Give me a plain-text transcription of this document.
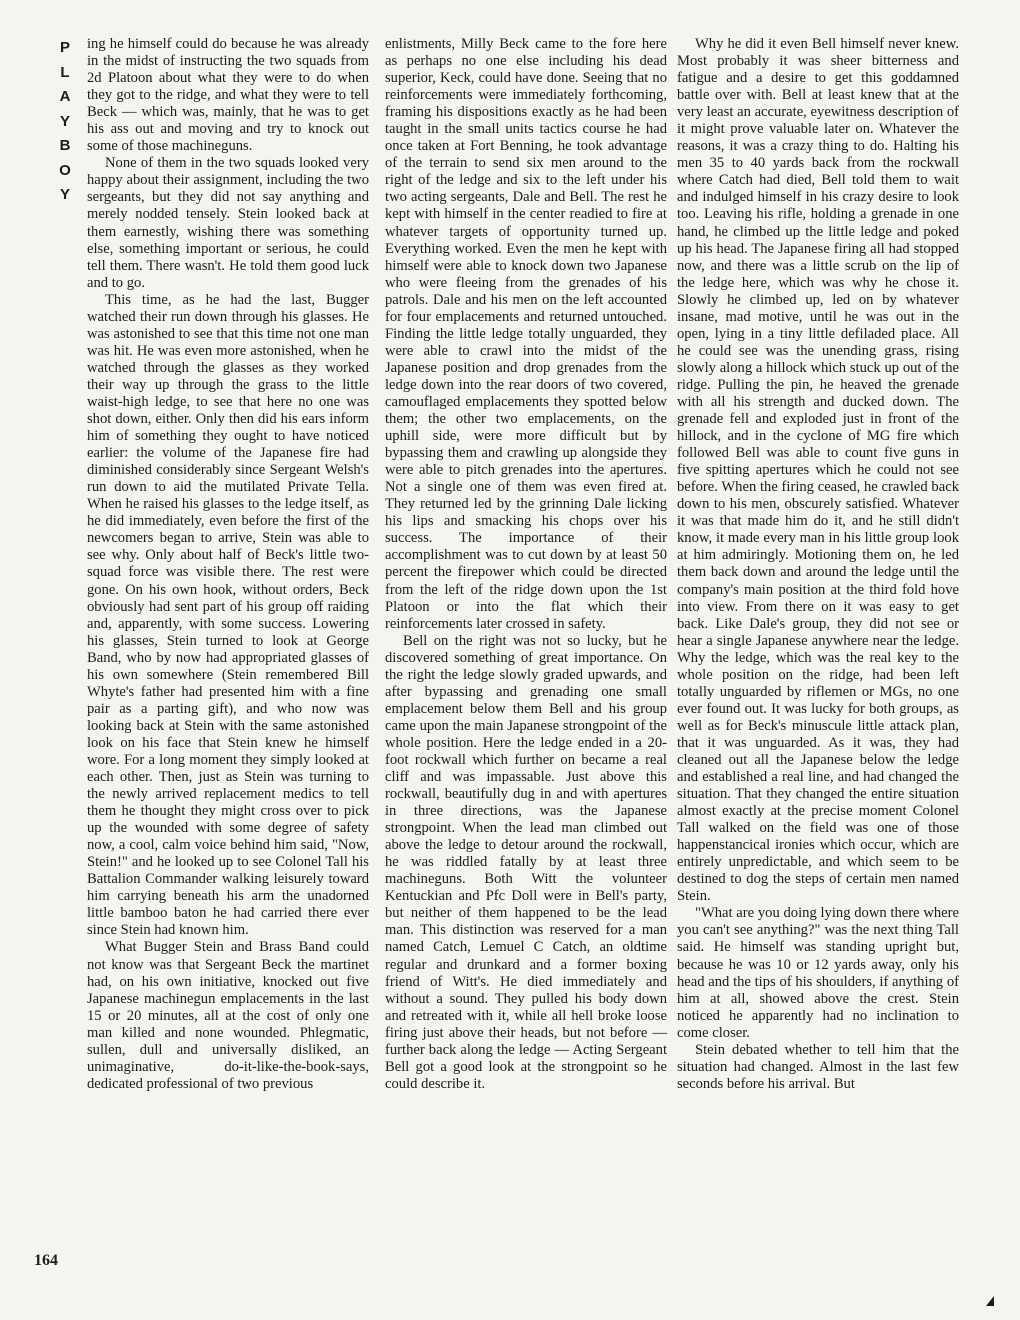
P
L
A
Y
B
O
Y

ing he himself could do because he was already in the midst of instructing the two squads from 2d Platoon about what they were to do when they got to the ridge, and what they were to tell Beck — which was, mainly, that he was to get his ass out and moving and try to knock out some of those machineguns.

None of them in the two squads looked very happy about their assignment, including the two sergeants, but they did not say anything and merely nodded tensely. Stein looked back at them earnestly, wishing there was something else, something important or serious, he could tell them. There wasn't. He told them good luck and to go.

This time, as he had the last, Bugger watched their run down through his glasses. He was astonished to see that this time not one man was hit. He was even more astonished, when he watched through the glasses as they worked their way up through the grass to the little waist-high ledge, to see that here no one was shot down, either. Only then did his ears inform him of something they ought to have noticed earlier: the volume of the Japanese fire had diminished considerably since Sergeant Welsh's run down to aid the mutilated Private Tella. When he raised his glasses to the ledge itself, as he did immediately, even before the first of the newcomers began to arrive, Stein was able to see why. Only about half of Beck's little two-squad force was visible there. The rest were gone. On his own hook, without orders, Beck obviously had sent part of his group off raiding and, apparently, with some success. Lowering his glasses, Stein turned to look at George Band, who by now had appropriated glasses of his own somewhere (Stein remembered Bill Whyte's father had presented him with a fine pair as a parting gift), and who now was looking back at Stein with the same astonished look on his face that Stein knew he himself wore. For a long moment they simply looked at each other. Then, just as Stein was turning to the newly arrived replacement medics to tell them he thought they might cross over to pick up the wounded with some degree of safety now, a cool, calm voice behind him said, "Now, Stein!" and he looked up to see Colonel Tall his Battalion Commander walking leisurely toward him carrying beneath his arm the unadorned little bamboo baton he had carried there ever since Stein had known him.

What Bugger Stein and Brass Band could not know was that Sergeant Beck the martinet had, on his own initiative, knocked out five Japanese machinegun emplacements in the last 15 or 20 minutes, all at the cost of only one man killed and none wounded. Phlegmatic, sullen, dull and universally disliked, an unimaginative, do-it-like-the-book-says, dedicated professional of two previous

enlistments, Milly Beck came to the fore here as perhaps no one else including his dead superior, Keck, could have done. Seeing that no reinforcements were immediately forthcoming, framing his dispositions exactly as he had been taught in the small units tactics course he had once taken at Fort Benning, he took advantage of the terrain to send six men around to the right of the ledge and six to the left under his two acting sergeants, Dale and Bell. The rest he kept with himself in the center readied to fire at whatever targets of opportunity turned up. Everything worked. Even the men he kept with himself were able to knock down two Japanese who were fleeing from the grenades of his patrols. Dale and his men on the left accounted for four emplacements and returned untouched. Finding the little ledge totally unguarded, they were able to crawl into the midst of the Japanese position and drop grenades from the ledge down into the rear doors of two covered, camouflaged emplacements they spotted below them; the other two emplacements, on the uphill side, were more difficult but by bypassing them and crawling up alongside they were able to pitch grenades into the apertures. Not a single one of them was even fired at. They returned led by the grinning Dale licking his lips and smacking his chops over his success. The importance of their accomplishment was to cut down by at least 50 percent the firepower which could be directed from the left of the ridge down upon the 1st Platoon or into the flat which their reinforcements later crossed in safety.

Bell on the right was not so lucky, but he discovered something of great importance. On the right the ledge slowly graded upwards, and after bypassing and grenading one small emplacement below them Bell and his group came upon the main Japanese strongpoint of the whole position. Here the ledge ended in a 20-foot rockwall which further on became a real cliff and was impassable. Just above this rockwall, beautifully dug in and with apertures in three directions, was the Japanese strongpoint. When the lead man climbed out above the ledge to detour around the rockwall, he was riddled fatally by at least three machineguns. Both Witt the volunteer Kentuckian and Pfc Doll were in Bell's party, but neither of them happened to be the lead man. This distinction was reserved for a man named Catch, Lemuel C Catch, an oldtime regular and drunkard and a former boxing friend of Witt's. He died immediately and without a sound. They pulled his body down and retreated with it, while all hell broke loose firing just above their heads, but not before — further back along the ledge — Acting Sergeant Bell got a good look at the strongpoint so he could describe it.

Why he did it even Bell himself never knew. Most probably it was sheer bitterness and fatigue and a desire to get this goddamned battle over with. Bell at least knew that at the very least an accurate, eyewitness description of it might prove valuable later on. Whatever the reasons, it was a crazy thing to do. Halting his men 35 to 40 yards back from the rockwall where Catch had died, Bell told them to wait and indulged himself in his crazy desire to look too. Leaving his rifle, holding a grenade in one hand, he climbed up the little ledge and poked up his head. The Japanese firing all had stopped now, and there was a little scrub on the lip of the ledge here, which was why he chose it. Slowly he climbed up, led on by whatever insane, mad motive, until he was out in the open, lying in a tiny little defiladed place. All he could see was the unending grass, rising slowly along a hillock which stuck up out of the ridge. Pulling the pin, he heaved the grenade with all his strength and ducked down. The grenade fell and exploded just in front of the hillock, and in the cyclone of MG fire which followed Bell was able to count five guns in five spitting apertures which he could not see before. When the firing ceased, he crawled back down to his men, obscurely satisfied. Whatever it was that made him do it, and he still didn't know, it made every man in his little group look at him admiringly. Motioning them on, he led them back down and around the ledge until the company's main position at the third fold hove into view. From there on it was easy to get back. Like Dale's group, they did not see or hear a single Japanese anywhere near the ledge. Why the ledge, which was the real key to the whole position on the ridge, had been left totally unguarded by riflemen or MGs, no one ever found out. It was lucky for both groups, as well as for Beck's minuscule little attack plan, that it was unguarded. As it was, they had cleaned out all the Japanese below the ledge and established a real line, and had changed the situation. That they changed the entire situation almost exactly at the precise moment Colonel Tall walked on the field was one of those happenstancical ironies which occur, which are entirely unpredictable, and which seem to be destined to dog the steps of certain men named Stein.

"What are you doing lying down there where you can't see anything?" was the next thing Tall said. He himself was standing upright but, because he was 10 or 12 yards away, only his head and the tips of his shoulders, if anything of him at all, showed above the crest. Stein noticed he apparently had no inclination to come closer.

Stein debated whether to tell him that the situation had changed. Almost in the last few seconds before his arrival. But

164
